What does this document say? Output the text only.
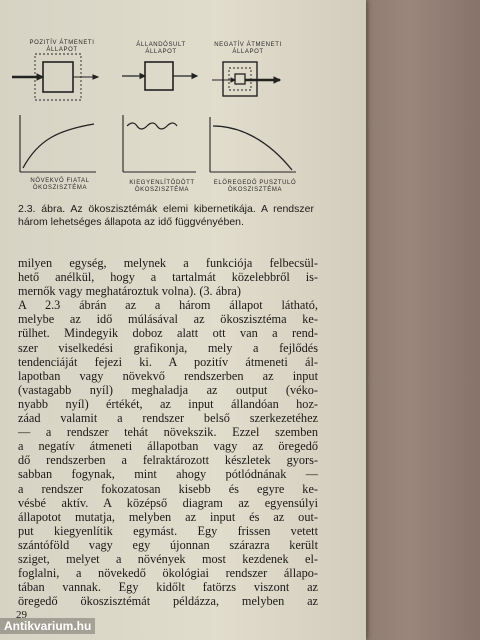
POZITÍV ÁTMENETI
ÁLLAPOT
ÁLLANDÓSULT
ÁLLAPOT
NEGATÍV ÁTMENETI
ÁLLAPOT
NÖVEKVŐ FIATAL
ÖKOSZISZTÉMA
KIEGYENLÍTŐDÖTT
ÖKOSZISZTÉMA
ELÖREGEDŐ PUSZTULÓ
ÖKOSZISZTÉMA
2.3. ábra. Az ökoszisztémák elemi kibernetikája. A rendszer három lehetséges állapota az idő függvényében.
milyen egység, melynek a funkciója felbecsül-
hető anélkül, hogy a tartalmát közelebbről is-
mernők vagy meghatároztuk volna). (3. ábra)
A 2.3 ábrán az a három állapot látható,
melybe az idő múlásával az ökoszisztéma ke-
rülhet. Mindegyik doboz alatt ott van a rend-
szer viselkedési grafikonja, mely a fejlődés
tendenciáját fejezi ki. A pozitív átmeneti ál-
lapotban vagy növekvő rendszerben az input
(vastagabb nyíl) meghaladja az output (véko-
nyabb nyíl) értékét, az input állandóan hoz-
záad valamit a rendszer belső szerkezetéhez
— a rendszer tehát növekszik. Ezzel szemben
a negatív átmeneti állapotban vagy az öregedő
dő rendszerben a felraktározott készletek gyors-
sabban fogynak, mint ahogy pótlódnának —
a rendszer fokozatosan kisebb és egyre ke-
vésbé aktív. A középső diagram az egyensúlyi
állapotot mutatja, melyben az input és az out-
put kiegyenlítik egymást. Egy frissen vetett
szántóföld vagy egy újonnan szárazra került
sziget, melyet a növények most kezdenek el-
foglalni, a növekedő ökológiai rendszer állapo-
tában vannak. Egy kidőlt fatörzs viszont az
öregedő ökoszisztémát példázza, melyben az
29
Antikvarium.hu
